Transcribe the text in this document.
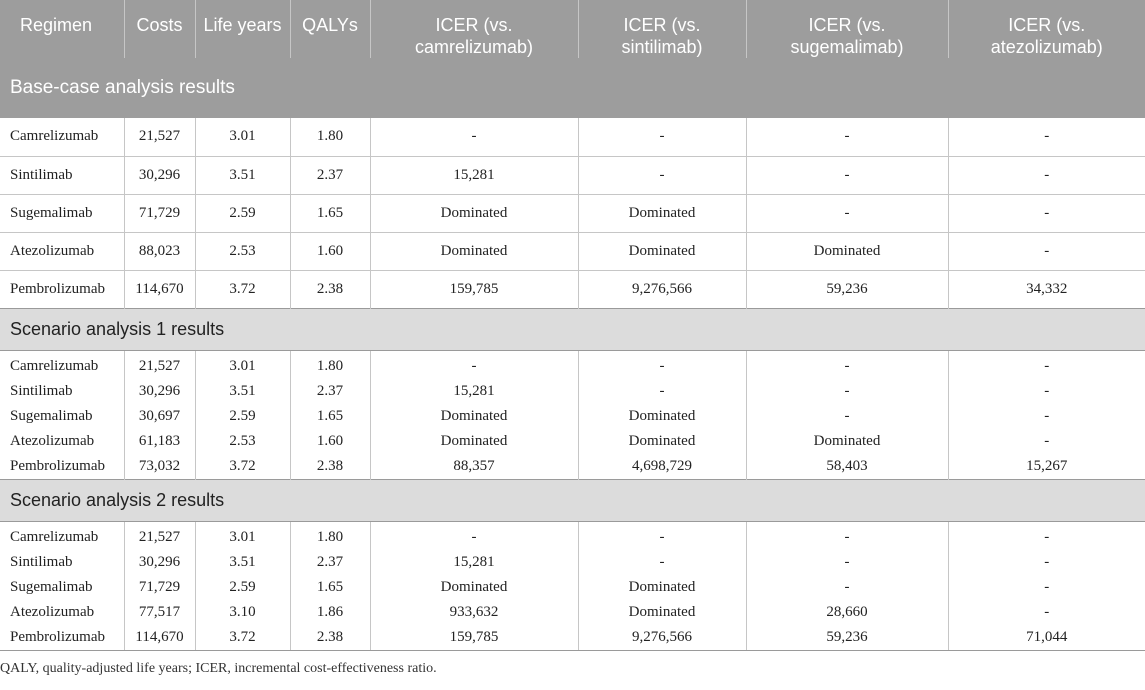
Regimen	Costs	Life years	QALYs	ICER (vs. camrelizumab)	ICER (vs. sintilimab)	ICER (vs. sugemalimab)	ICER (vs. atezolizumab)
Base-case analysis results							
Camrelizumab	21,527	3.01	1.80	-	-	-	-
Sintilimab	30,296	3.51	2.37	15,281	-	-	-
Sugemalimab	71,729	2.59	1.65	Dominated	Dominated	-	-
Atezolizumab	88,023	2.53	1.60	Dominated	Dominated	Dominated	-
Pembrolizumab	114,670	3.72	2.38	159,785	9,276,566	59,236	34,332
Scenario analysis 1 results							
Camrelizumab	21,527	3.01	1.80	-	-	-	-
Sintilimab	30,296	3.51	2.37	15,281	-	-	-
Sugemalimab	30,697	2.59	1.65	Dominated	Dominated	-	-
Atezolizumab	61,183	2.53	1.60	Dominated	Dominated	Dominated	-
Pembrolizumab	73,032	3.72	2.38	88,357	4,698,729	58,403	15,267
Scenario analysis 2 results							
Camrelizumab	21,527	3.01	1.80	-	-	-	-
Sintilimab	30,296	3.51	2.37	15,281	-	-	-
Sugemalimab	71,729	2.59	1.65	Dominated	Dominated	-	-
Atezolizumab	77,517	3.10	1.86	933,632	Dominated	28,660	-
Pembrolizumab	114,670	3.72	2.38	159,785	9,276,566	59,236	71,044
QALY, quality-adjusted life years; ICER, incremental cost-effectiveness ratio.
